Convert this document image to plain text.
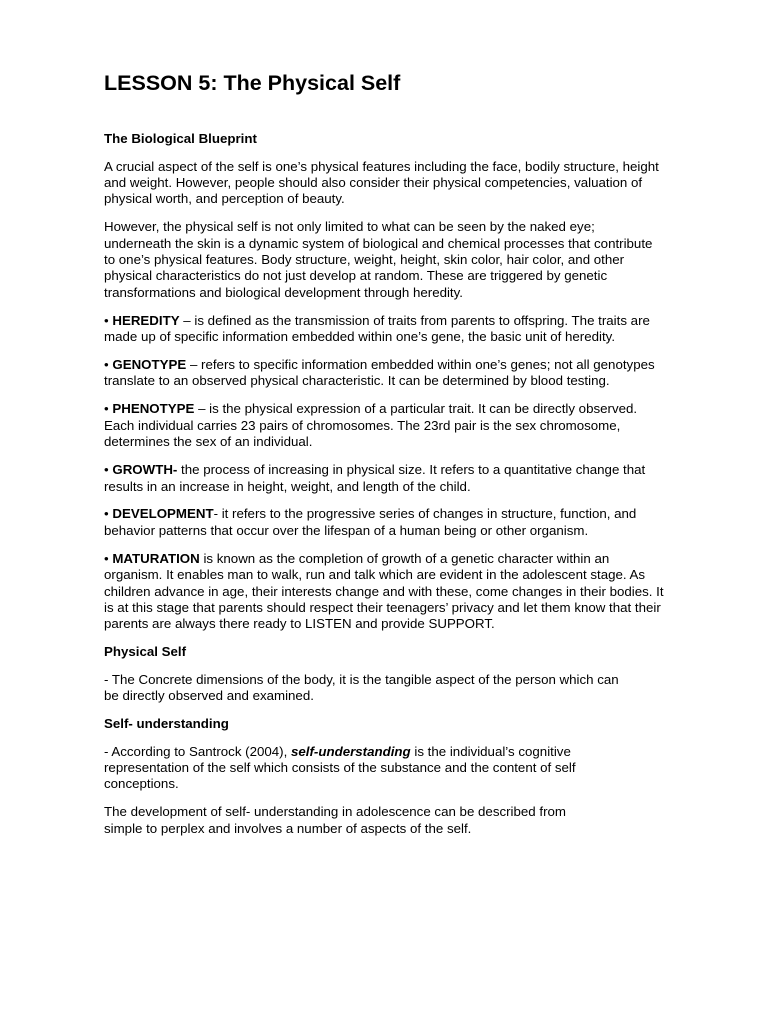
LESSON 5: The Physical Self

The Biological Blueprint

A crucial aspect of the self is one’s physical features including the face, bodily structure, height and weight. However, people should also consider their physical competencies, valuation of physical worth, and perception of beauty.

However, the physical self is not only limited to what can be seen by the naked eye; underneath the skin is a dynamic system of biological and chemical processes that contribute to one’s physical features. Body structure, weight, height, skin color, hair color, and other physical characteristics do not just develop at random. These are triggered by genetic transformations and biological development through heredity.

• HEREDITY – is defined as the transmission of traits from parents to offspring. The traits are made up of specific information embedded within one’s gene, the basic unit of heredity.

• GENOTYPE – refers to specific information embedded within one’s genes; not all genotypes translate to an observed physical characteristic. It can be determined by blood testing.

• PHENOTYPE – is the physical expression of a particular trait. It can be directly observed. Each individual carries 23 pairs of chromosomes. The 23rd pair is the sex chromosome, determines the sex of an individual.

• GROWTH- the process of increasing in physical size. It refers to a quantitative change that results in an increase in height, weight, and length of the child.

• DEVELOPMENT- it refers to the progressive series of changes in structure, function, and behavior patterns that occur over the lifespan of a human being or other organism.

• MATURATION is known as the completion of growth of a genetic character within an organism. It enables man to walk, run and talk which are evident in the adolescent stage. As children advance in age, their interests change and with these, come changes in their bodies. It is at this stage that parents should respect their teenagers’ privacy and let them know that their parents are always there ready to LISTEN and provide SUPPORT.

Physical Self

- The Concrete dimensions of the body, it is the tangible aspect of the person which can be directly observed and examined.

Self- understanding

- According to Santrock (2004), self-understanding is the individual’s cognitive representation of the self which consists of the substance and the content of self conceptions.

The development of self- understanding in adolescence can be described from simple to perplex and involves a number of aspects of the self.
